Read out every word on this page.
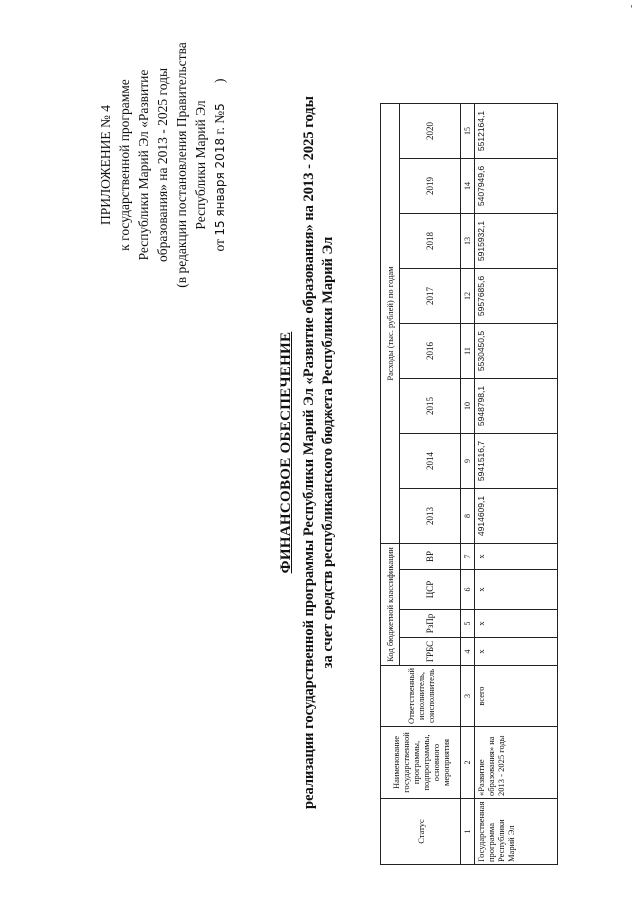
-
ПРИЛОЖЕНИЕ № 4 к государственной программе Республики Марий Эл «Развитие образования» на 2013 - 2025 годы (в редакции постановления Правительства Республики Марий Эл
от 15 января 2018 г. №5      )
ФИНАНСОВОЕ ОБЕСПЕЧЕНИЕ реализации государственной программы Республики Марий Эл «Развитие образования» на 2013 - 2025 годы за счет средств республиканского бюджета Республики Марий Эл
Статус	Наименование государственной программы, подпрограммы, основного мероприятия	Ответственный исполнитель, соисполнитель	Код бюджетной классификации				Расходы (тыс. рублей) по годам							
			ГРБС	РзПр	ЦСР	ВР	2013	2014	2015	2016	2017	2018	2019	2020
1	2	3	4	5	6	7	8	9	10	11	12	13	14	15
Государственная программа Республики Марий Эл	«Развитие образования» на 2013 - 2025 годы	всего	х	х	х	х	4914609,1	5941516,7	5948798,1	5530450,5	5957685,6	5915932,1	5407949,6	5512164,1
